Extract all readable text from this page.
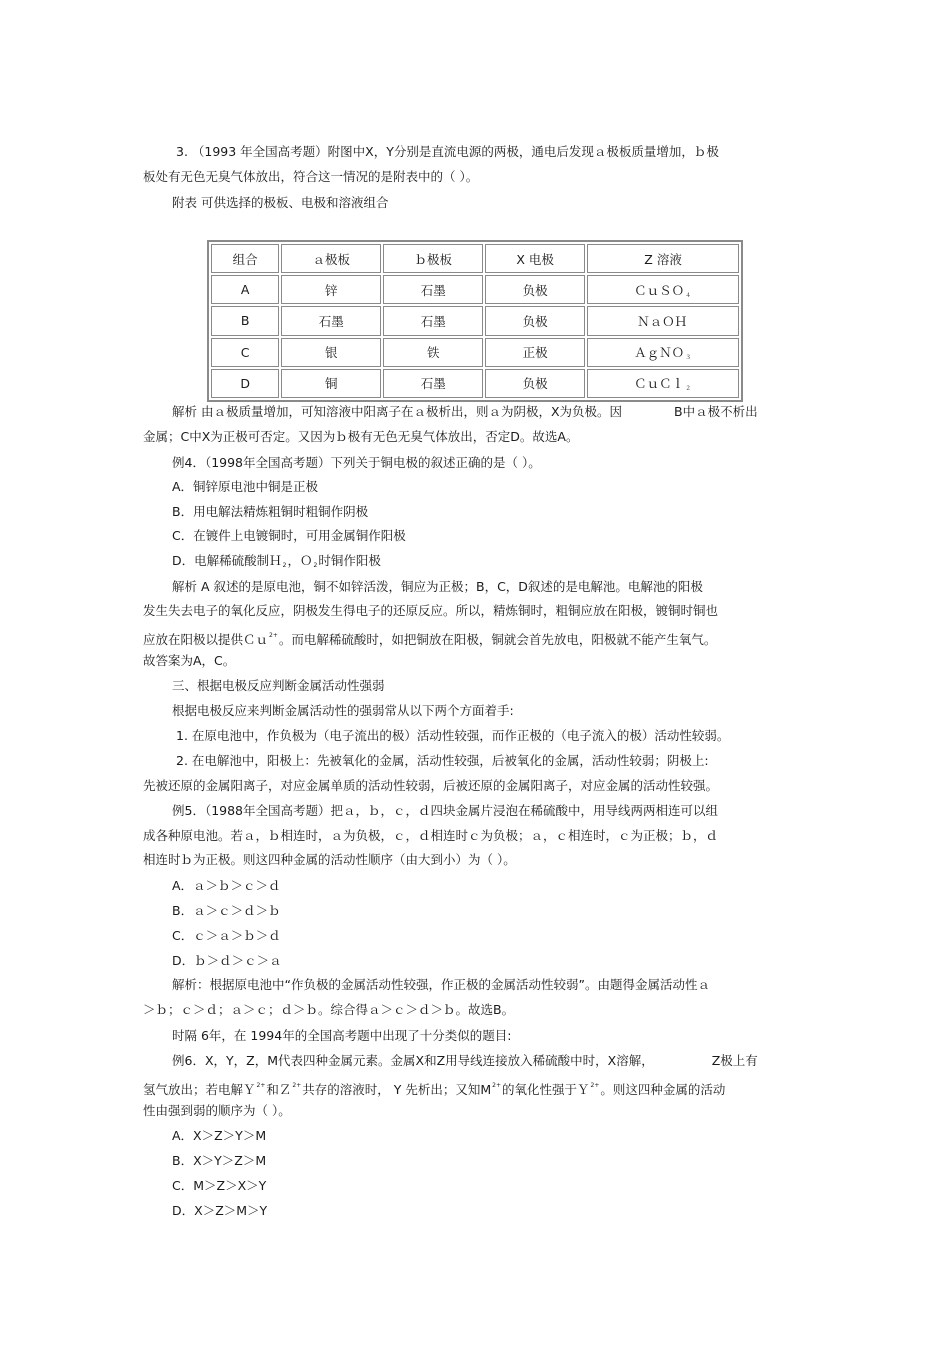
3. （1993 年全国高考题）附图中X，Y分别是直流电源的两极，通电后发现ａ极板质量增加，ｂ极
板处有无色无臭气体放出，符合这一情况的是附表中的（ ）。
附表 可供选择的极板、电极和溶液组合
组合	ａ极板	ｂ极板	X 电极	Z 溶液
A	锌	石墨	负极	ＣｕＳＯ$_4$
B	石墨	石墨	负极	ＮａＯＨ
C	银	铁	正极	ＡｇＮＯ$_3$
D	铜	石墨	负极	ＣｕＣｌ$_2$
解析 由ａ极质量增加，可知溶液中阳离子在ａ极析出，则ａ为阴极，X为负极。因	B中ａ极不析出
金属；C中X为正极可否定。又因为ｂ极有无色无臭气体放出，否定D。故选A。
例4．（1998年全国高考题）下列关于铜电极的叙述正确的是（ ）。
A．铜锌原电池中铜是正极
B．用电解法精炼粗铜时粗铜作阴极
C．在镀件上电镀铜时，可用金属铜作阳极
D．电解稀硫酸制Ｈ$_2$，Ｏ$_2$时铜作阳极
解析 A 叙述的是原电池，铜不如锌活泼，铜应为正极；B，C，D叙述的是电解池。电解池的阳极
发生失去电子的氧化反应，阴极发生得电子的还原反应。所以，精炼铜时，粗铜应放在阳极，镀铜时铜也
应放在阳极以提供Ｃｕ$^{2+}$。而电解稀硫酸时，如把铜放在阳极，铜就会首先放电，阳极就不能产生氧气。
故答案为A，C。
三、根据电极反应判断金属活动性强弱
根据电极反应来判断金属活动性的强弱常从以下两个方面着手:
1. 在原电池中，作负极为（电子流出的极）活动性较强，而作正极的（电子流入的极）活动性较弱。
2. 在电解池中，阳极上：先被氧化的金属，活动性较强，后被氧化的金属，活动性较弱；阴极上:
先被还原的金属阳离子，对应金属单质的活动性较弱，后被还原的金属阳离子，对应金属的活动性较强。
例5．（1988年全国高考题）把ａ，ｂ，ｃ，ｄ四块金属片浸泡在稀硫酸中，用导线两两相连可以组
成各种原电池。若ａ，ｂ相连时，ａ为负极，ｃ，ｄ相连时ｃ为负极；ａ，ｃ相连时，ｃ为正极；ｂ，ｄ
相连时ｂ为正极。则这四种金属的活动性顺序（由大到小）为（ ）。
A．ａ＞ｂ＞ｃ＞ｄ
B．ａ＞ｃ＞ｄ＞ｂ
C．ｃ＞ａ＞ｂ＞ｄ
D．ｂ＞ｄ＞ｃ＞ａ
解析：根据原电池中“作负极的金属活动性较强，作正极的金属活动性较弱”。由题得金属活动性ａ
＞ｂ；ｃ＞ｄ；ａ＞ｃ；ｄ＞ｂ。综合得ａ＞ｃ＞ｄ＞ｂ。故选B。
时隔 6年，在 1994年的全国高考题中出现了十分类似的题目:
例6．X，Y，Z，M代表四种金属元素。金属X和Z用导线连接放入稀硫酸中时，X溶解，	Z极上有
氢气放出；若电解Ｙ$^{2+}$和Ｚ$^{2+}$共存的溶液时， Y 先析出；又知$M^{2+}$的氧化性强于Ｙ$^{2+}$。则这四种金属的活动
性由强到弱的顺序为（ ）。
A．X＞Z＞Y＞M
B．X＞Y＞Z＞M
C．M＞Z＞X＞Y
D．X＞Z＞M＞Y
